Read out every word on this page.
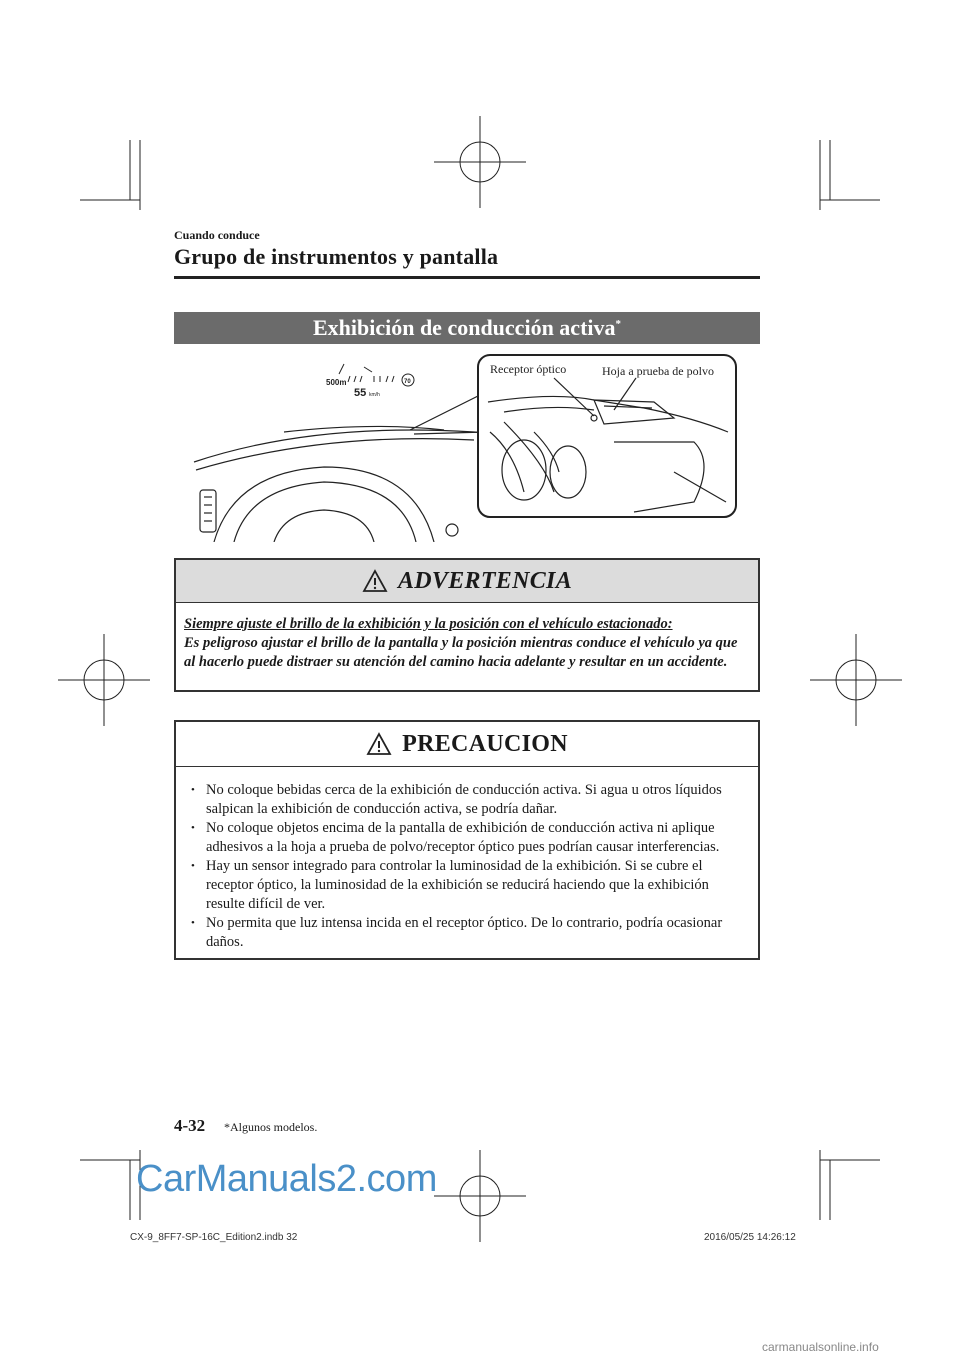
Cuando conduce
Grupo de instrumentos y pantalla
Exhibición de conducción activa*
500m
55 km/h
70
Receptor óptico	Hoja a prueba de polvo
ADVERTENCIA
Siempre ajuste el brillo de la exhibición y la posición con el vehículo estacionado:
Es peligroso ajustar el brillo de la pantalla y la posición mientras conduce el vehículo ya que al hacerlo puede distraer su atención del camino hacia adelante y resultar en un accidente.
PRECAUCION
• No coloque bebidas cerca de la exhibición de conducción activa. Si agua u otros líquidos salpican la exhibición de conducción activa, se podría dañar.
• No coloque objetos encima de la pantalla de exhibición de conducción activa ni aplique adhesivos a la hoja a prueba de polvo/receptor óptico pues podrían causar interferencias.
• Hay un sensor integrado para controlar la luminosidad de la exhibición. Si se cubre el receptor óptico, la luminosidad de la exhibición se reducirá haciendo que la exhibición resulte difícil de ver.
• No permita que luz intensa incida en el receptor óptico. De lo contrario, podría ocasionar daños.
4-32 *Algunos modelos.
CarManuals2.com
CX-9_8FF7-SP-16C_Edition2.indb 32	2016/05/25 14:26:12
carmanualsonline.info
